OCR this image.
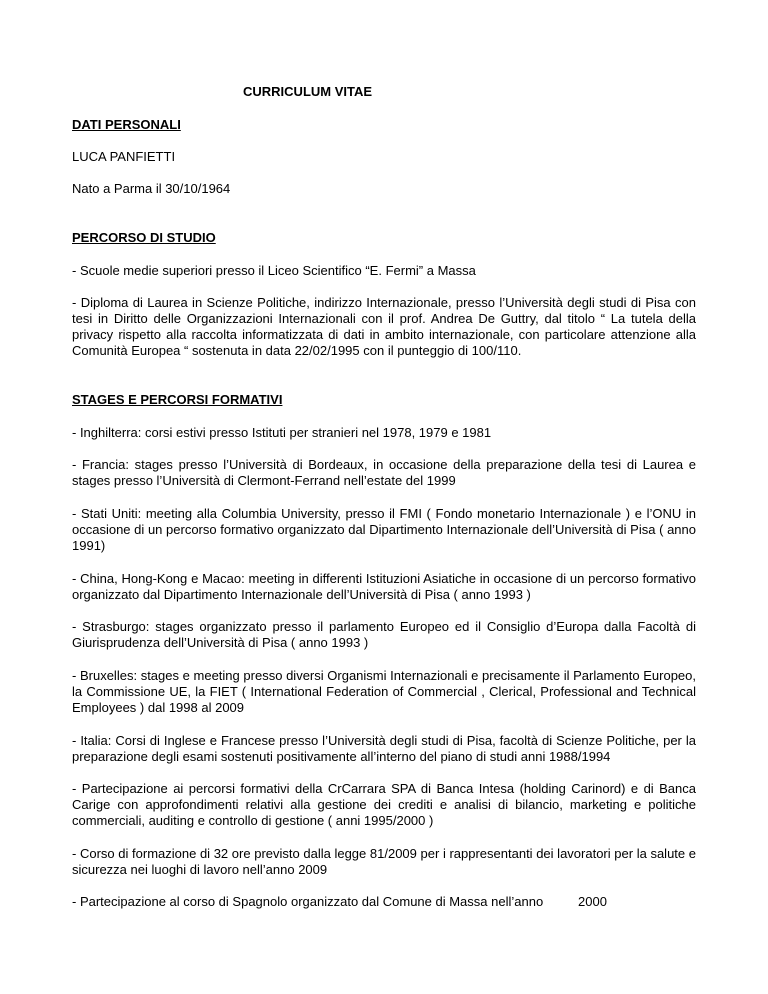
CURRICULUM VITAE

DATI PERSONALI

LUCA PANFIETTI

Nato a Parma il 30/10/1964

PERCORSO DI STUDIO

- Scuole medie superiori presso il Liceo Scientifico “E. Fermi” a Massa

- Diploma di Laurea in Scienze Politiche, indirizzo Internazionale, presso l’Università degli studi di Pisa con tesi in Diritto delle Organizzazioni Internazionali con il prof. Andrea De Guttry, dal titolo “ La tutela della privacy rispetto alla raccolta informatizzata di dati in ambito internazionale, con particolare attenzione alla Comunità Europea “ sostenuta in data 22/02/1995 con il punteggio di 100/110.

STAGES E PERCORSI FORMATIVI

- Inghilterra: corsi estivi presso Istituti per stranieri nel 1978, 1979 e 1981

- Francia: stages presso l’Università di Bordeaux, in occasione della preparazione della tesi di Laurea e stages presso l’Università di Clermont-Ferrand nell’estate del 1999

- Stati Uniti: meeting alla Columbia University, presso il FMI ( Fondo monetario Internazionale ) e l’ONU in occasione di un percorso formativo organizzato dal Dipartimento Internazionale dell’Università di Pisa ( anno 1991)

- China, Hong-Kong e Macao: meeting in differenti Istituzioni Asiatiche in occasione di un percorso formativo organizzato dal Dipartimento Internazionale dell’Università di Pisa ( anno 1993 )

- Strasburgo: stages organizzato presso il parlamento Europeo ed il Consiglio d’Europa dalla Facoltà di Giurisprudenza dell’Università di Pisa ( anno 1993 )

- Bruxelles: stages e meeting presso diversi Organismi Internazionali e precisamente il Parlamento Europeo, la Commissione UE, la FIET ( International Federation of Commercial , Clerical, Professional and Technical Employees ) dal 1998 al 2009

- Italia: Corsi di Inglese e Francese presso l’Università degli studi di Pisa, facoltà di Scienze Politiche, per la preparazione degli esami sostenuti positivamente all’interno del piano di studi anni 1988/1994

- Partecipazione ai percorsi formativi della CrCarrara SPA di Banca Intesa (holding Carinord) e di Banca Carige con approfondimenti relativi alla gestione dei crediti e analisi di bilancio, marketing e politiche commerciali, auditing e controllo di gestione ( anni 1995/2000 )

- Corso di formazione di 32 ore previsto dalla legge 81/2009 per i rappresentanti dei lavoratori per la salute e sicurezza nei luoghi di lavoro nell’anno 2009

- Partecipazione al corso di Spagnolo organizzato dal Comune di Massa nell’anno	2000
